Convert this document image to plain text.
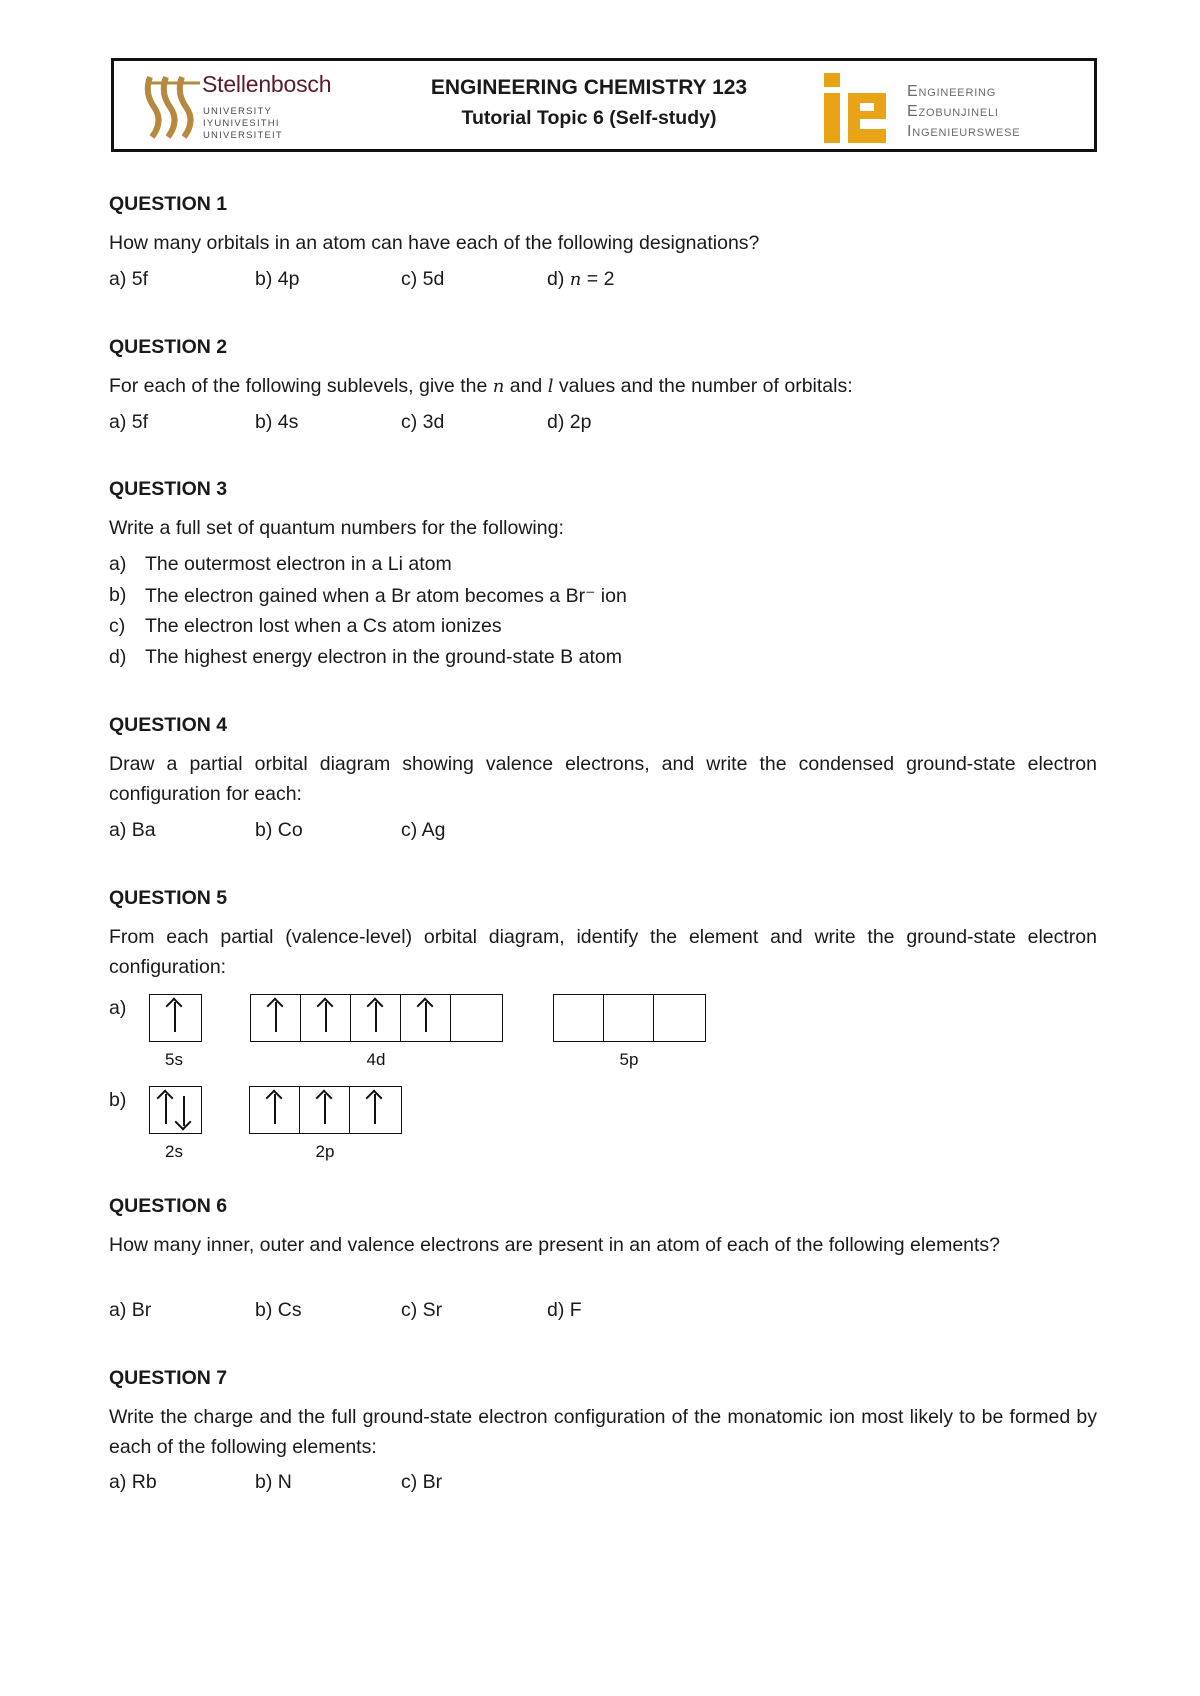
Stellenbosch
UNIVERSITY
IYUNIVESITHI
UNIVERSITEIT
ENGINEERING CHEMISTRY 123
Tutorial Topic 6 (Self-study)
Engineering
Ezobunjineli
Ingenieurswese
QUESTION 1
How many orbitals in an atom can have each of the following designations?
a) 5f	b) 4p	c) 5d	d) n = 2
QUESTION 2
For each of the following sublevels, give the n and l values and the number of orbitals:
a) 5f	b) 4s	c) 3d	d) 2p
QUESTION 3
Write a full set of quantum numbers for the following:
a) The outermost electron in a Li atom
b) The electron gained when a Br atom becomes a Br⁻ ion
c) The electron lost when a Cs atom ionizes
d) The highest energy electron in the ground-state B atom
QUESTION 4
Draw a partial orbital diagram showing valence electrons, and write the condensed ground-state electron configuration for each:
a) Ba	b) Co	c) Ag
QUESTION 5
From each partial (valence-level) orbital diagram, identify the element and write the ground-state electron configuration:
a)
5s	4d	5p
b)
2s	2p
QUESTION 6
How many inner, outer and valence electrons are present in an atom of each of the following elements?
a) Br	b) Cs	c) Sr	d) F
QUESTION 7
Write the charge and the full ground-state electron configuration of the monatomic ion most likely to be formed by each of the following elements:
a) Rb	b) N	c) Br
